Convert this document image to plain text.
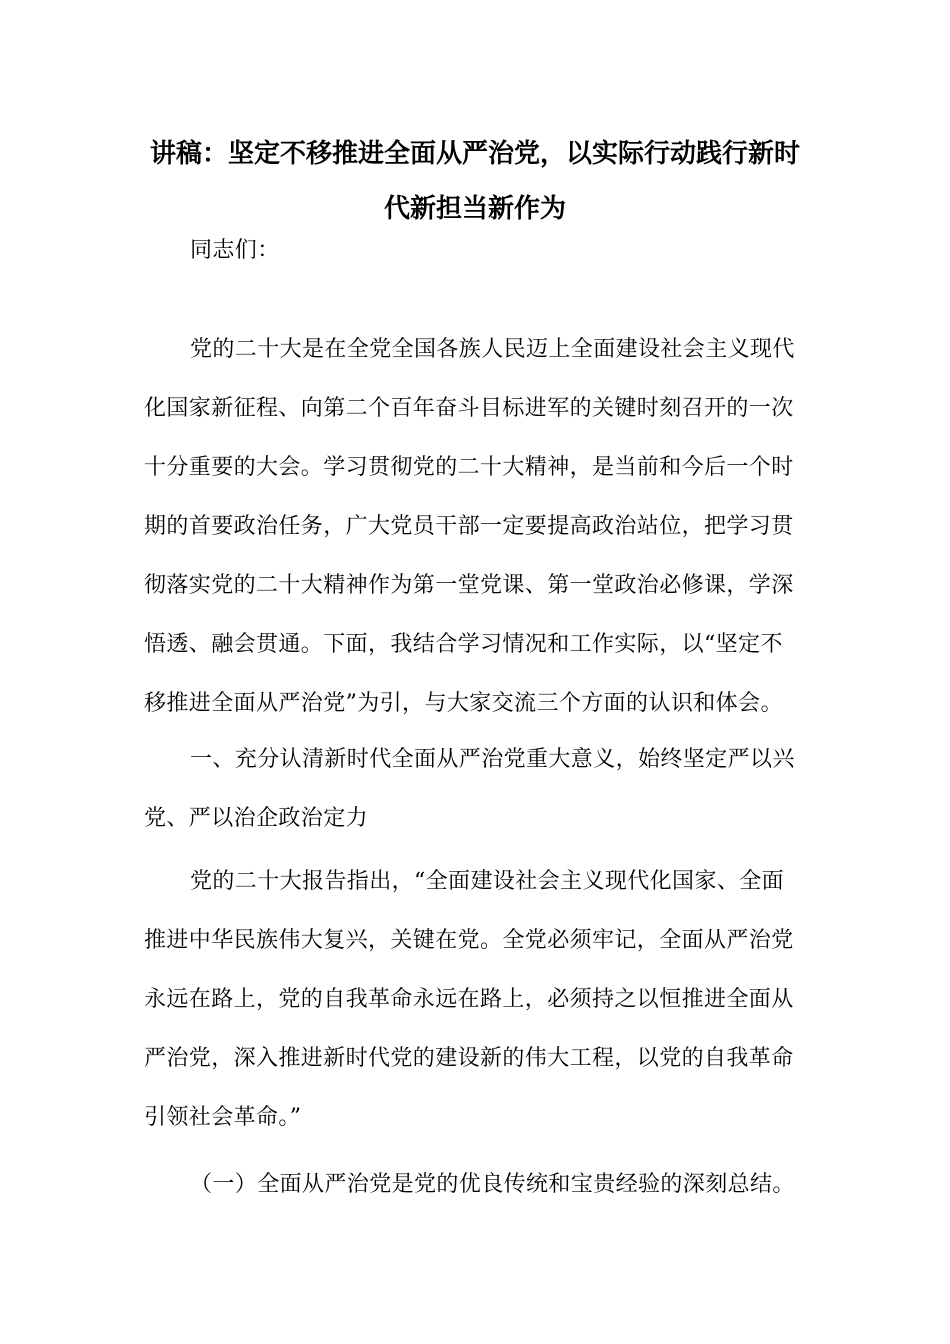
讲稿：坚定不移推进全面从严治党，以实际行动践行新时
代新担当新作为
同志们：
党的二十大是在全党全国各族人民迈上全面建设社会主义现代
化国家新征程、向第二个百年奋斗目标进军的关键时刻召开的一次
十分重要的大会。学习贯彻党的二十大精神，是当前和今后一个时
期的首要政治任务，广大党员干部一定要提高政治站位，把学习贯
彻落实党的二十大精神作为第一堂党课、第一堂政治必修课，学深
悟透、融会贯通。下面，我结合学习情况和工作实际，以“坚定不
移推进全面从严治党”为引，与大家交流三个方面的认识和体会。
一、充分认清新时代全面从严治党重大意义，始终坚定严以兴
党、严以治企政治定力
党的二十大报告指出，“全面建设社会主义现代化国家、全面
推进中华民族伟大复兴，关键在党。全党必须牢记，全面从严治党
永远在路上，党的自我革命永远在路上，必须持之以恒推进全面从
严治党，深入推进新时代党的建设新的伟大工程，以党的自我革命
引领社会革命。”
（一）全面从严治党是党的优良传统和宝贵经验的深刻总结。
